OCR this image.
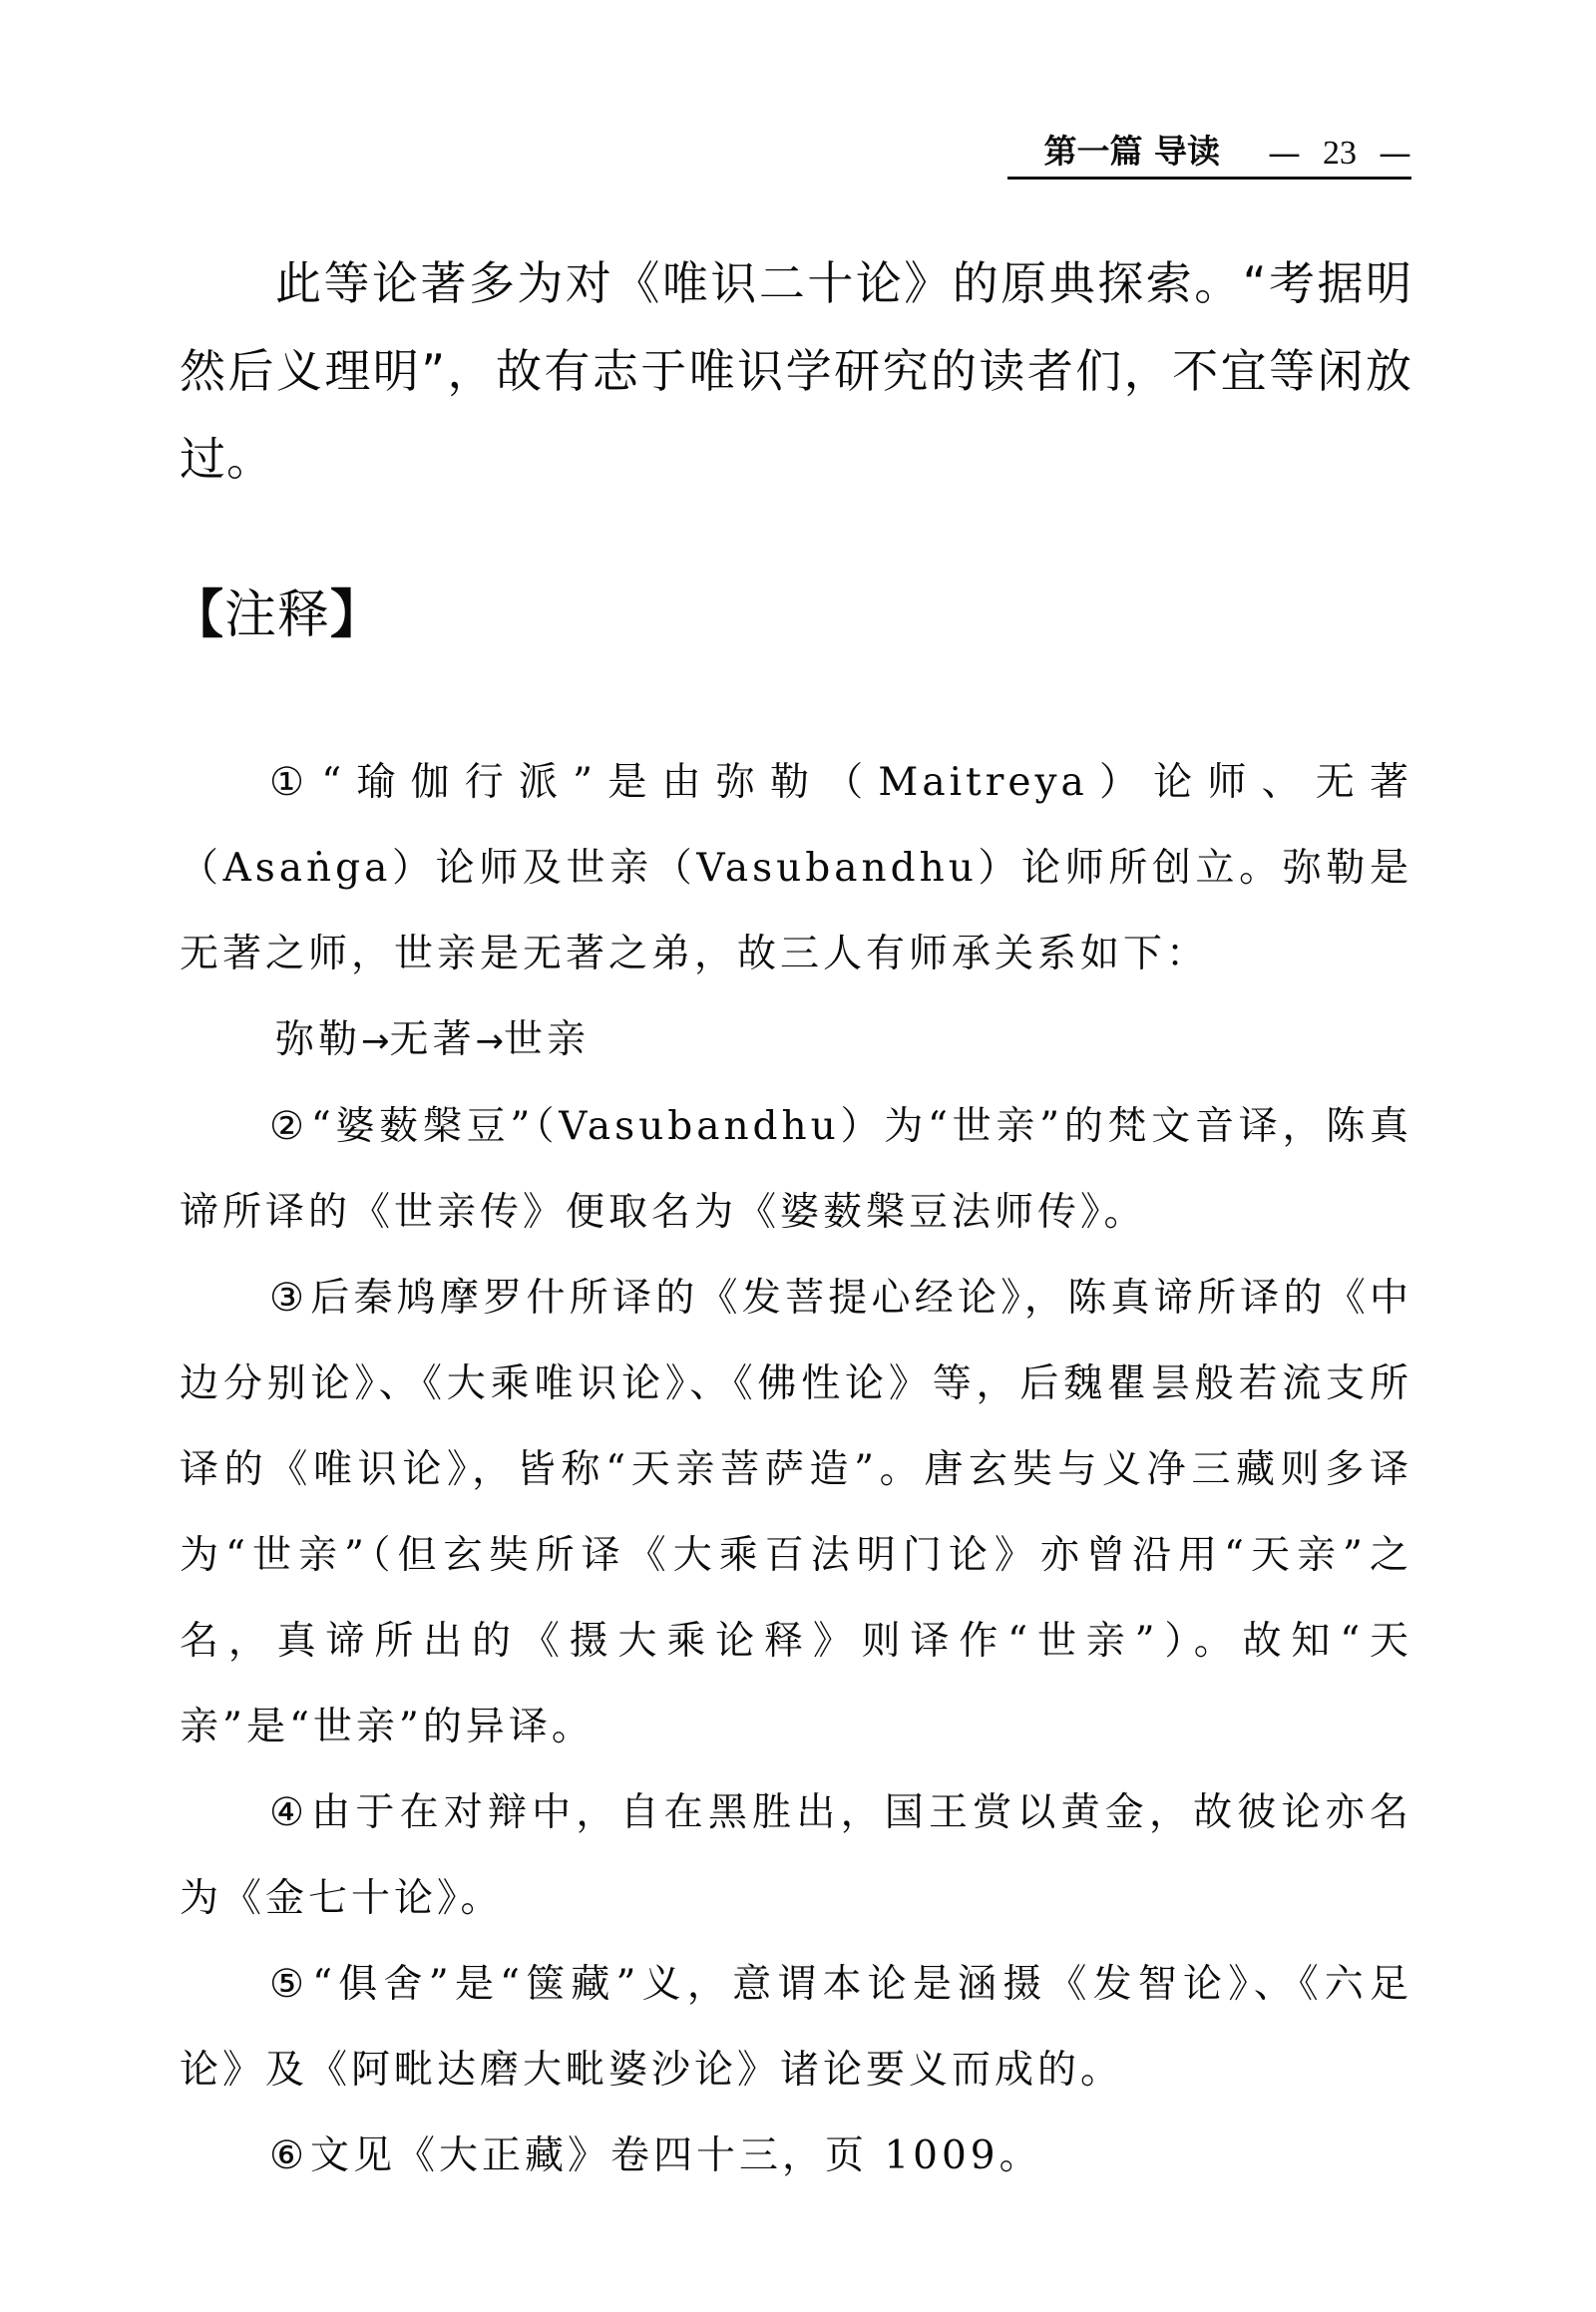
第一篇 导读 — 23 —

此等论著多为对《唯识二十论》的原典探索。“考据明然后义理明”，故有志于唯识学研究的读者们，不宜等闲放过。

【注释】

① “瑜伽行派”是由弥勒（Maitreya）论师、无著（Asaṅga）论师及世亲（Vasubandhu）论师所创立。弥勒是无著之师，世亲是无著之弟，故三人有师承关系如下：

弥勒→无著→世亲

② “婆薮槃豆”（Vasubandhu）为“世亲”的梵文音译，陈真谛所译的《世亲传》便取名为《婆薮槃豆法师传》。

③ 后秦鸠摩罗什所译的《发菩提心经论》，陈真谛所译的《中边分别论》、《大乘唯识论》、《佛性论》等，后魏瞿昙般若流支所译的《唯识论》，皆称“天亲菩萨造”。唐玄奘与义净三藏则多译为“世亲”（但玄奘所译《大乘百法明门论》亦曾沿用“天亲”之名，真谛所出的《摄大乘论释》则译作“世亲”）。故知“天亲”是“世亲”的异译。

④ 由于在对辩中，自在黑胜出，国王赏以黄金，故彼论亦名为《金七十论》。

⑤ “俱舍”是“箧藏”义，意谓本论是涵摄《发智论》、《六足论》及《阿毗达磨大毗婆沙论》诸论要义而成的。

⑥ 文见《大正藏》卷四十三，页 1009。
